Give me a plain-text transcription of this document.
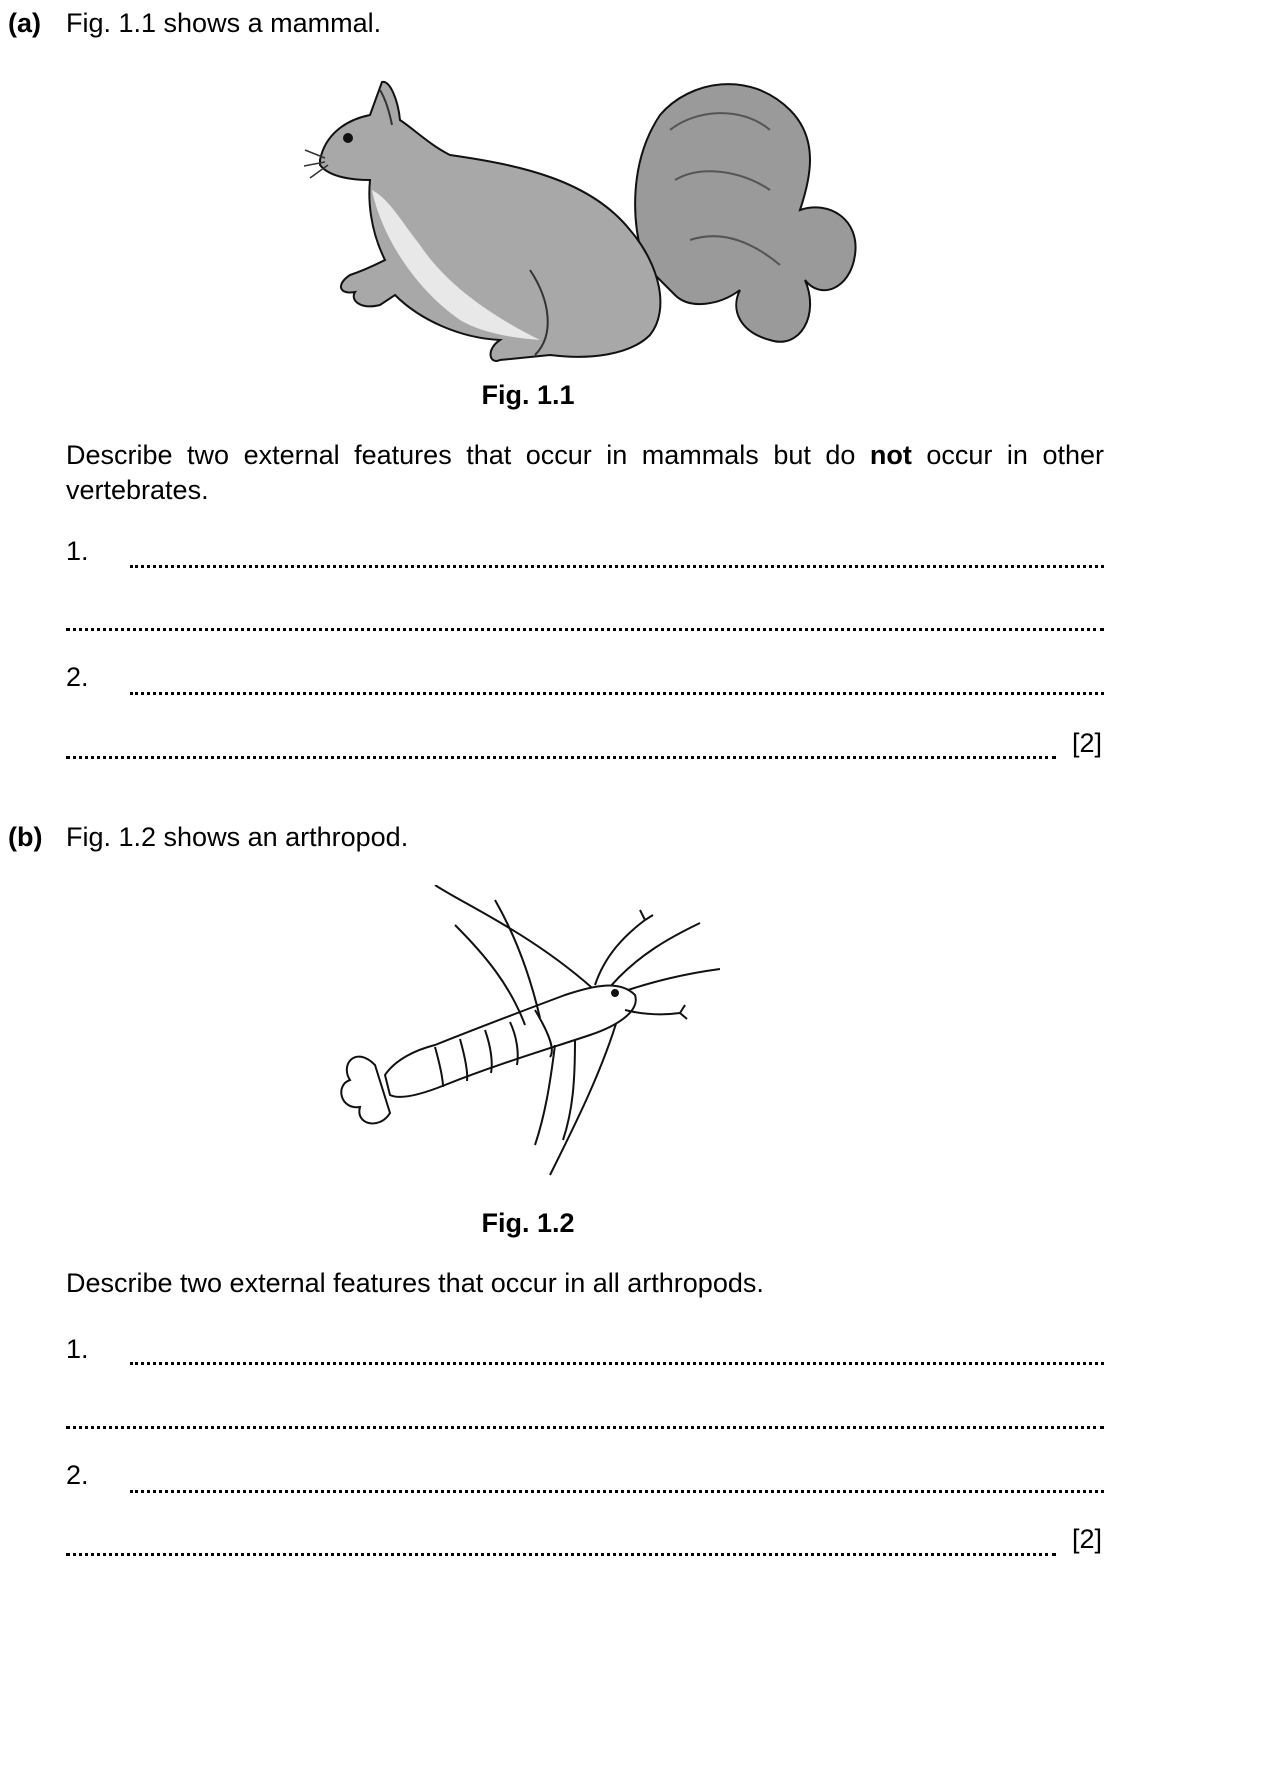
(a) Fig. 1.1 shows a mammal.
Fig. 1.1
Describe two external features that occur in mammals but do not occur in other vertebrates.
1.
2.
[2]
(b) Fig. 1.2 shows an arthropod.
Fig. 1.2
Describe two external features that occur in all arthropods.
1.
2.
[2]
